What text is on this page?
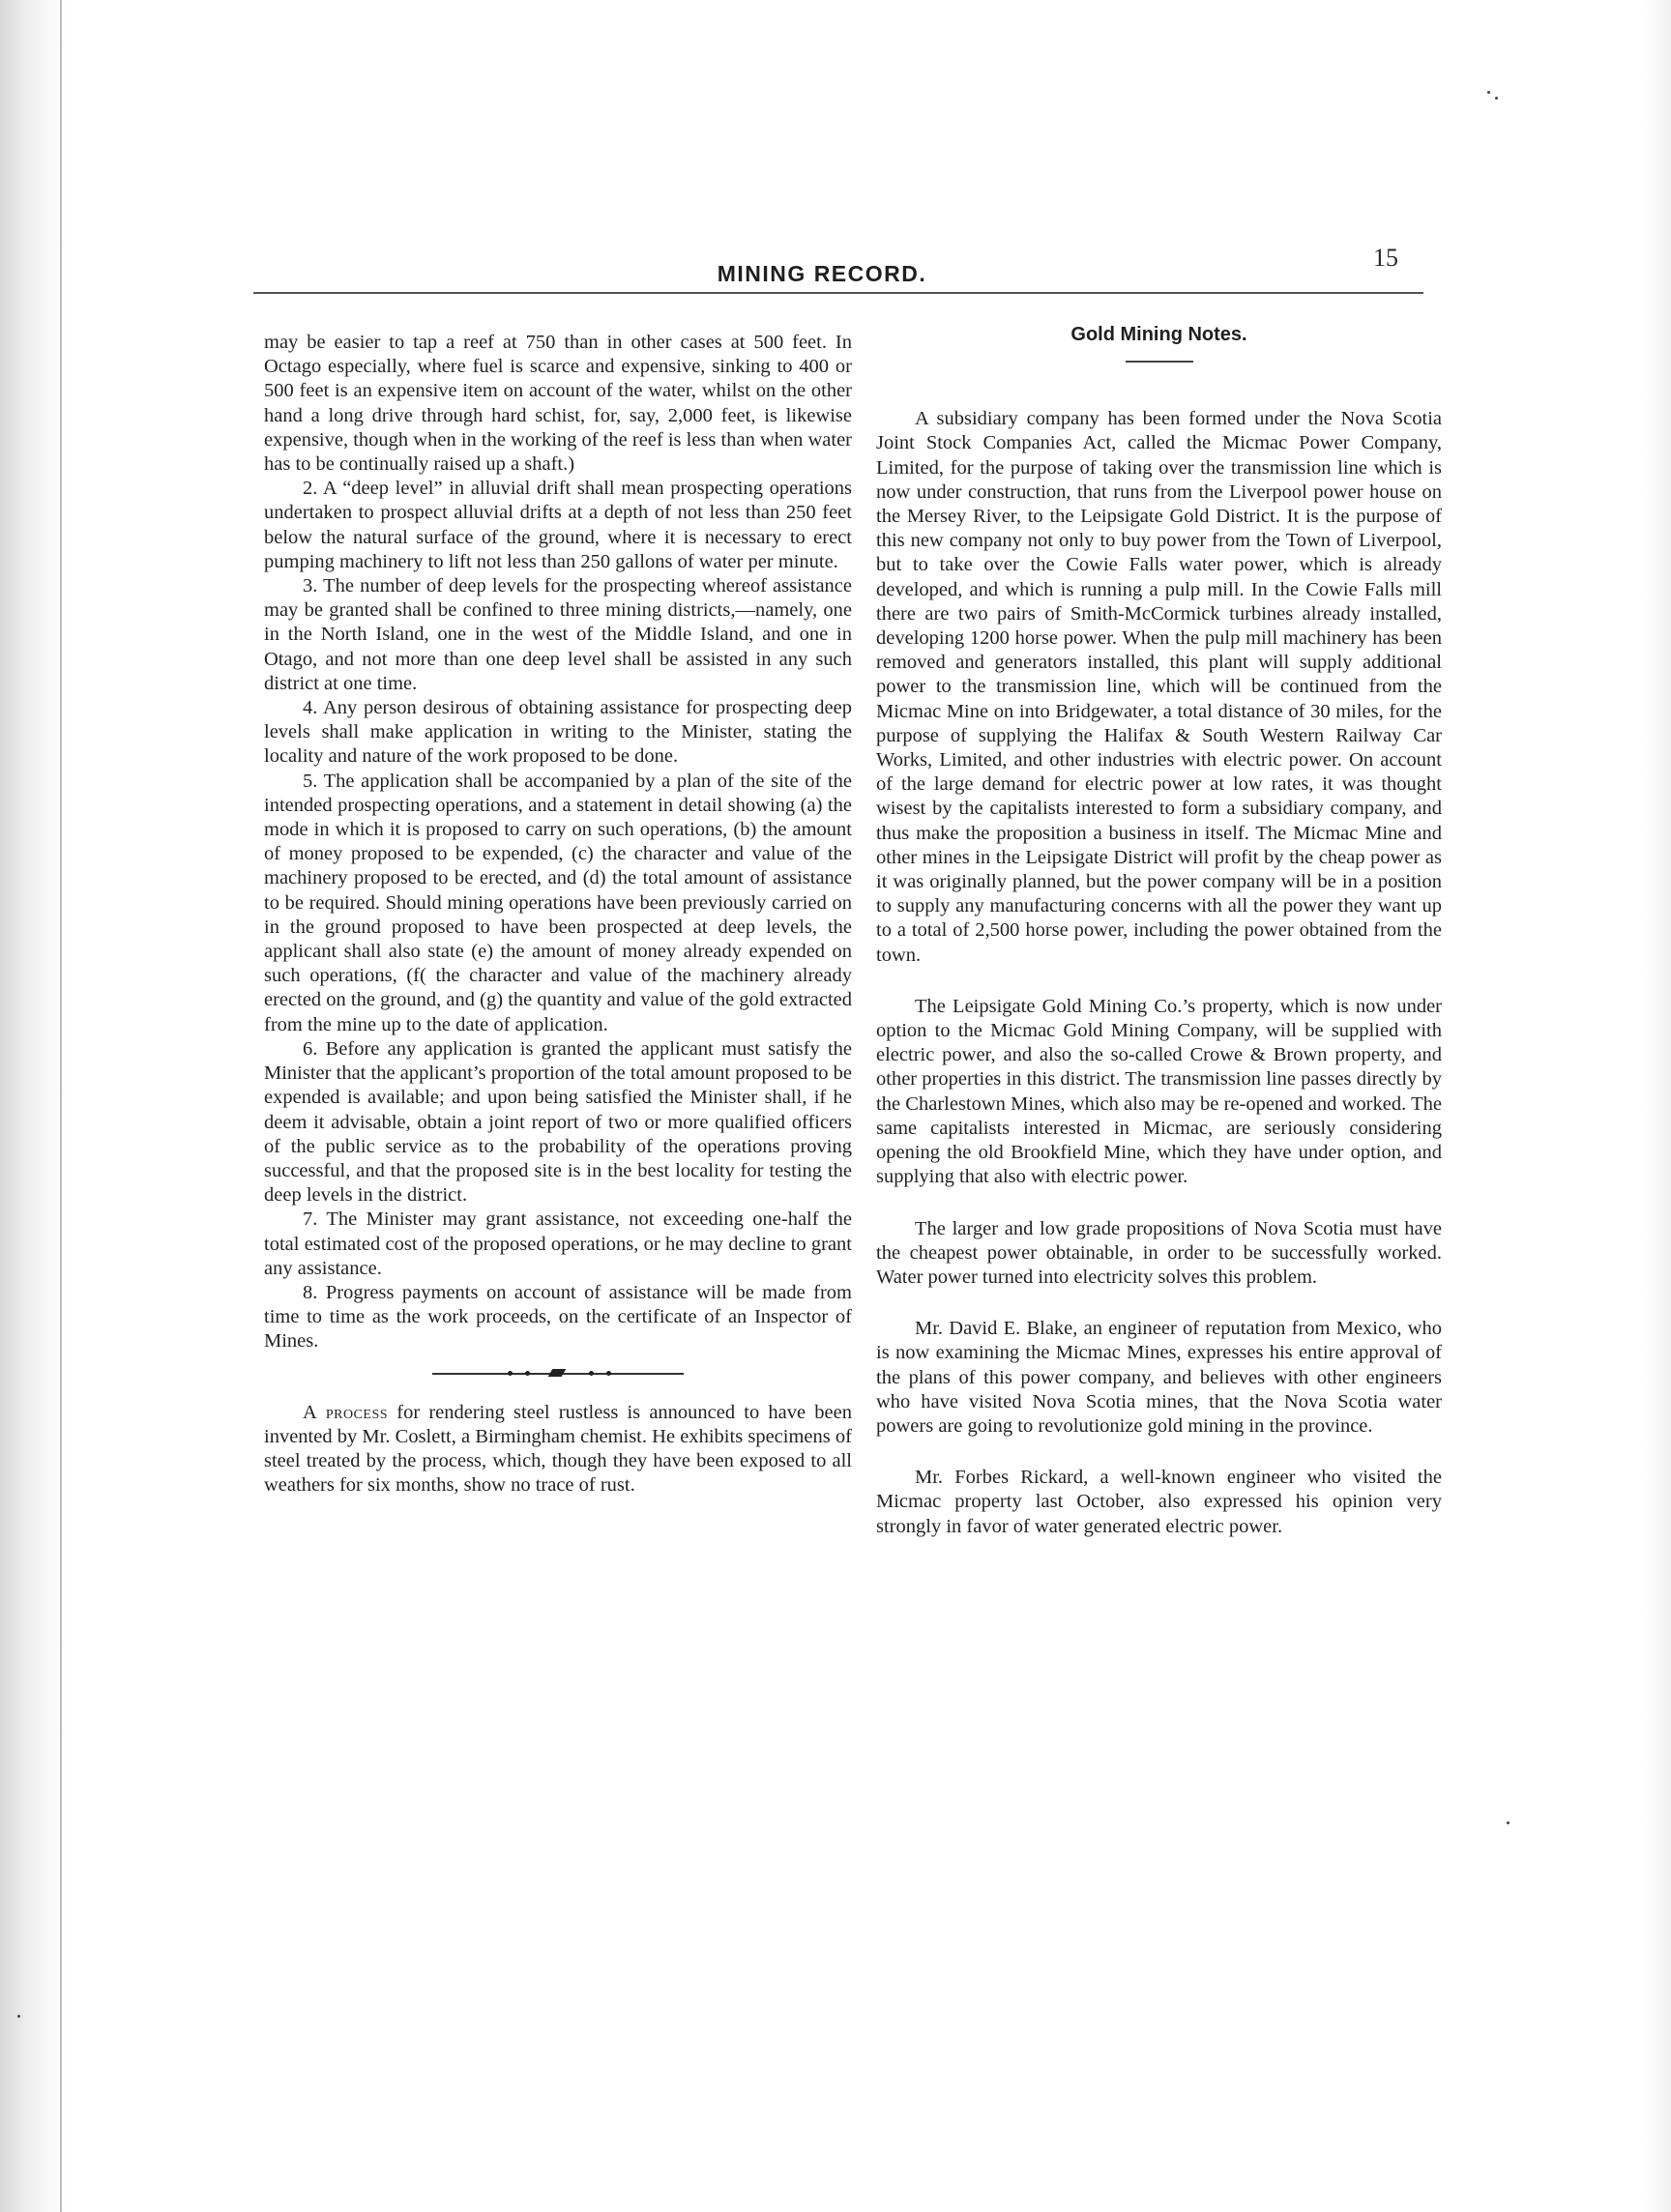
MINING RECORD.
15

may be easier to tap a reef at 750 than in other cases at 500 feet. In Octago especially, where fuel is scarce and expensive, sinking to 400 or 500 feet is an expensive item on account of the water, whilst on the other hand a long drive through hard schist, for, say, 2,000 feet, is likewise expensive, though when in the working of the reef is less than when water has to be continually raised up a shaft.)

2. A “deep level” in alluvial drift shall mean prospecting operations undertaken to prospect alluvial drifts at a depth of not less than 250 feet below the natural surface of the ground, where it is necessary to erect pumping machinery to lift not less than 250 gallons of water per minute.

3. The number of deep levels for the prospecting whereof assistance may be granted shall be confined to three mining districts,—namely, one in the North Island, one in the west of the Middle Island, and one in Otago, and not more than one deep level shall be assisted in any such district at one time.

4. Any person desirous of obtaining assistance for prospecting deep levels shall make application in writing to the Minister, stating the locality and nature of the work proposed to be done.

5. The application shall be accompanied by a plan of the site of the intended prospecting operations, and a statement in detail showing (a) the mode in which it is proposed to carry on such operations, (b) the amount of money proposed to be expended, (c) the character and value of the machinery proposed to be erected, and (d) the total amount of assistance to be required. Should mining operations have been previously carried on in the ground proposed to have been prospected at deep levels, the applicant shall also state (e) the amount of money already expended on such operations, (f( the character and value of the machinery already erected on the ground, and (g) the quantity and value of the gold extracted from the mine up to the date of application.

6. Before any application is granted the applicant must satisfy the Minister that the applicant’s proportion of the total amount proposed to be expended is available; and upon being satisfied the Minister shall, if he deem it advisable, obtain a joint report of two or more qualified officers of the public service as to the probability of the operations proving successful, and that the proposed site is in the best locality for testing the deep levels in the district.

7. The Minister may grant assistance, not exceeding one-half the total estimated cost of the proposed operations, or he may decline to grant any assistance.

8. Progress payments on account of assistance will be made from time to time as the work proceeds, on the certificate of an Inspector of Mines.

A process for rendering steel rustless is announced to have been invented by Mr. Coslett, a Birmingham chemist. He exhibits specimens of steel treated by the process, which, though they have been exposed to all weathers for six months, show no trace of rust.

Gold Mining Notes.

A subsidiary company has been formed under the Nova Scotia Joint Stock Companies Act, called the Micmac Power Company, Limited, for the purpose of taking over the transmission line which is now under construction, that runs from the Liverpool power house on the Mersey River, to the Leipsigate Gold District. It is the purpose of this new company not only to buy power from the Town of Liverpool, but to take over the Cowie Falls water power, which is already developed, and which is running a pulp mill. In the Cowie Falls mill there are two pairs of Smith-McCormick turbines already installed, developing 1200 horse power. When the pulp mill machinery has been removed and generators installed, this plant will supply additional power to the transmission line, which will be continued from the Micmac Mine on into Bridgewater, a total distance of 30 miles, for the purpose of supplying the Halifax & South Western Railway Car Works, Limited, and other industries with electric power. On account of the large demand for electric power at low rates, it was thought wisest by the capitalists interested to form a subsidiary company, and thus make the proposition a business in itself. The Micmac Mine and other mines in the Leipsigate District will profit by the cheap power as it was originally planned, but the power company will be in a position to supply any manufacturing concerns with all the power they want up to a total of 2,500 horse power, including the power obtained from the town.

The Leipsigate Gold Mining Co.’s property, which is now under option to the Micmac Gold Mining Company, will be supplied with electric power, and also the so-called Crowe & Brown property, and other properties in this district. The transmission line passes directly by the Charlestown Mines, which also may be re-opened and worked. The same capitalists interested in Micmac, are seriously considering opening the old Brookfield Mine, which they have under option, and supplying that also with electric power.

The larger and low grade propositions of Nova Scotia must have the cheapest power obtainable, in order to be successfully worked. Water power turned into electricity solves this problem.

Mr. David E. Blake, an engineer of reputation from Mexico, who is now examining the Micmac Mines, expresses his entire approval of the plans of this power company, and believes with other engineers who have visited Nova Scotia mines, that the Nova Scotia water powers are going to revolutionize gold mining in the province.

Mr. Forbes Rickard, a well-known engineer who visited the Micmac property last October, also expressed his opinion very strongly in favor of water generated electric power.
